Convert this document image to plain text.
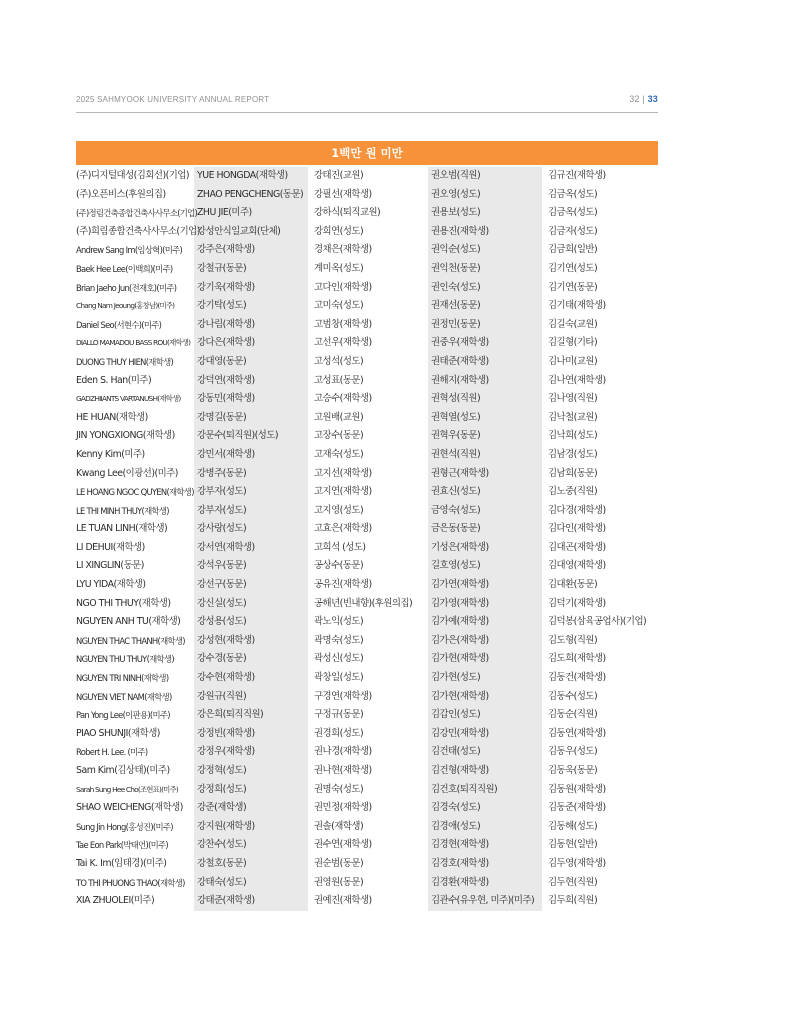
2025 SAHMYOOK UNIVERSITY ANNUAL REPORT	32 | 33
1백만 원 미만
(주)디지털대성(김회선)(기업)
(주)오픈비스(후원의집)
(주)정림건축종합건축사사무소(기업)
(주)희림종합건축사사무소(기업)
Andrew Sang Im(임상혁)(미주)
Baek Hee Lee(이백희)(미주)
Brian Jaeho Jun(전재호)(미주)
Chang Nam Jeoung(홍창남)(미주)
Daniel Seo(서현수)(미주)
DIALLO MAMADOU BASS ROU(재학생)
DUONG THUY HIEN(재학생)
Eden S. Han(미주)
GADZHIIANTS VARTANUSH(재학생)
HE HUAN(재학생)
JIN YONGXIONG(재학생)
Kenny Kim(미주)
Kwang Lee(이광선)(미주)
LE HOANG NGOC QUYEN(재학생)
LE THI MINH THUY(재학생)
LE TUAN LINH(재학생)
LI DEHUI(재학생)
LI XINGLIN(동문)
LYU YIDA(재학생)
NGO THI THUY(재학생)
NGUYEN ANH TU(재학생)
NGUYEN THAC THANH(재학생)
NGUYEN THU THUY(재학생)
NGUYEN TRI NINH(재학생)
NGUYEN VIET NAM(재학생)
Pan Yong Lee(이판용)(미주)
PIAO SHUNJI(재학생)
Robert H. Lee. (미주)
Sam Kim(김상태)(미주)
Sarah Sung Hee Cho(조현표)(미주)
SHAO WEICHENG(재학생)
Sung Jin Hong(홍성진)(미주)
Tae Eon Park(박태언)(미주)
Tai K. Im(임태경)(미주)
TO THI PHUONG THAO(재학생)
XIA ZHUOLEI(미주)
YUE HONGDA(재학생)
ZHAO PENGCHENG(동문)
ZHU JIE(미주)
강성안식일교회(단체)
강주은(재학생)
강철규(동문)
강기욱(재학생)
강기탁(성도)
강나림(재학생)
강다은(재학생)
강대영(동문)
강덕연(재학생)
강동민(재학생)
강명길(동문)
강문수(퇴직원)(성도)
강민서(재학생)
강병주(동문)
강부자(성도)
강부자(성도)
강사랑(성도)
강서연(재학생)
강석우(동문)
강선구(동문)
강신실(성도)
강성용(성도)
강성현(재학생)
강수경(동문)
강수현(재학생)
강원규(직원)
강은희(퇴직직원)
강정빈(재학생)
강정우(재학생)
강정혁(성도)
강정희(성도)
강준(재학생)
강지원(재학생)
강찬수(성도)
강철호(동문)
강태숙(성도)
강태준(재학생)
강태진(교원)
강필선(재학생)
강하식(퇴직교원)
강희연(성도)
경채은(재학생)
계미옥(성도)
고다인(재학생)
고미숙(성도)
고범창(재학생)
고선우(재학생)
고성석(성도)
고성표(동문)
고승수(재학생)
고원배(교원)
고장수(동문)
고재숙(성도)
고지선(재학생)
고지연(재학생)
고지영(성도)
고효은(재학생)
고희석 (성도)
공상수(동문)
공유진(재학생)
공해년(빈내향)(후원의집)
곽노익(성도)
곽명숙(성도)
곽성신(성도)
곽창일(성도)
구경연(재학생)
구정규(동문)
권경희(성도)
권나경(재학생)
권나현(재학생)
권명숙(성도)
권민정(재학생)
권솔(재학생)
권수연(재학생)
권순범(동문)
권영원(동문)
권예진(재학생)
권오범(직원)
권오영(성도)
권용보(성도)
권용진(재학생)
권익순(성도)
권익천(동문)
권인숙(성도)
권재선(동문)
권정민(동문)
권중우(재학생)
권태준(재학생)
권해지(재학생)
권혁성(직원)
권혁열(성도)
권혁우(동문)
권현석(직원)
권형근(재학생)
권효신(성도)
금영숙(성도)
금은동(동문)
기성은(재학생)
길호영(성도)
김가연(재학생)
김가영(재학생)
김가예(재학생)
김가은(재학생)
김가현(재학생)
김가현(성도)
김가현(재학생)
김갑인(성도)
김강민(재학생)
김건태(성도)
김건형(재학생)
김건호(퇴직직원)
김경숙(성도)
김경애(성도)
김경현(재학생)
김경호(재학생)
김경환(재학생)
김관수(유우현, 미주)(미주)
김규진(재학생)
김금옥(성도)
김금옥(성도)
김금자(성도)
김금희(일반)
김기연(성도)
김기연(동문)
김기태(재학생)
김길숙(교원)
김길형(기타)
김나미(교원)
김나연(재학생)
김나영(직원)
김낙철(교원)
김낙희(성도)
김남경(성도)
김남희(동문)
김노중(직원)
김다경(재학생)
김다인(재학생)
김대곤(재학생)
김대영(재학생)
김대환(동문)
김덕기(재학생)
김덕봉(삼육공업사)(기업)
김도형(직원)
김도희(재학생)
김동건(재학생)
김동수(성도)
김동순(직원)
김동연(재학생)
김동우(성도)
김동욱(동문)
김동원(재학생)
김동준(재학생)
김동해(성도)
김동현(일반)
김두영(재학생)
김두현(직원)
김두희(직원)
